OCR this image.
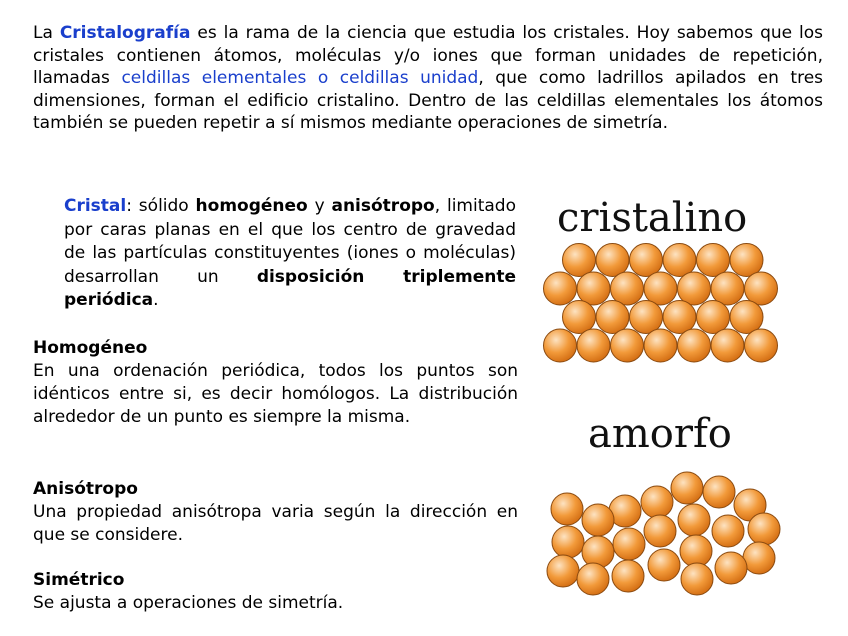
La Cristalografía es la rama de la ciencia que estudia los cristales. Hoy sabemos que los cristales contienen átomos, moléculas y/o iones que forman unidades de repetición, llamadas celdillas elementales o celdillas unidad, que como ladrillos apilados en tres dimensiones, forman el edificio cristalino. Dentro de las celdillas elementales los átomos también se pueden repetir a sí mismos mediante operaciones de simetría.
Cristal: sólido homogéneo y anisótropo, limitado por caras planas en el que los centro de gravedad de las partículas constituyentes (iones o moléculas) desarrollan un disposición triplemente periódica.
Homogéneo
En una ordenación periódica, todos los puntos son idénticos entre si, es decir homólogos. La distribución alrededor de un punto es siempre la misma.
Anisótropo
Una propiedad anisótropa varia según la dirección en que se considere.
Simétrico
Se ajusta a operaciones de simetría.
cristalino
amorfo
